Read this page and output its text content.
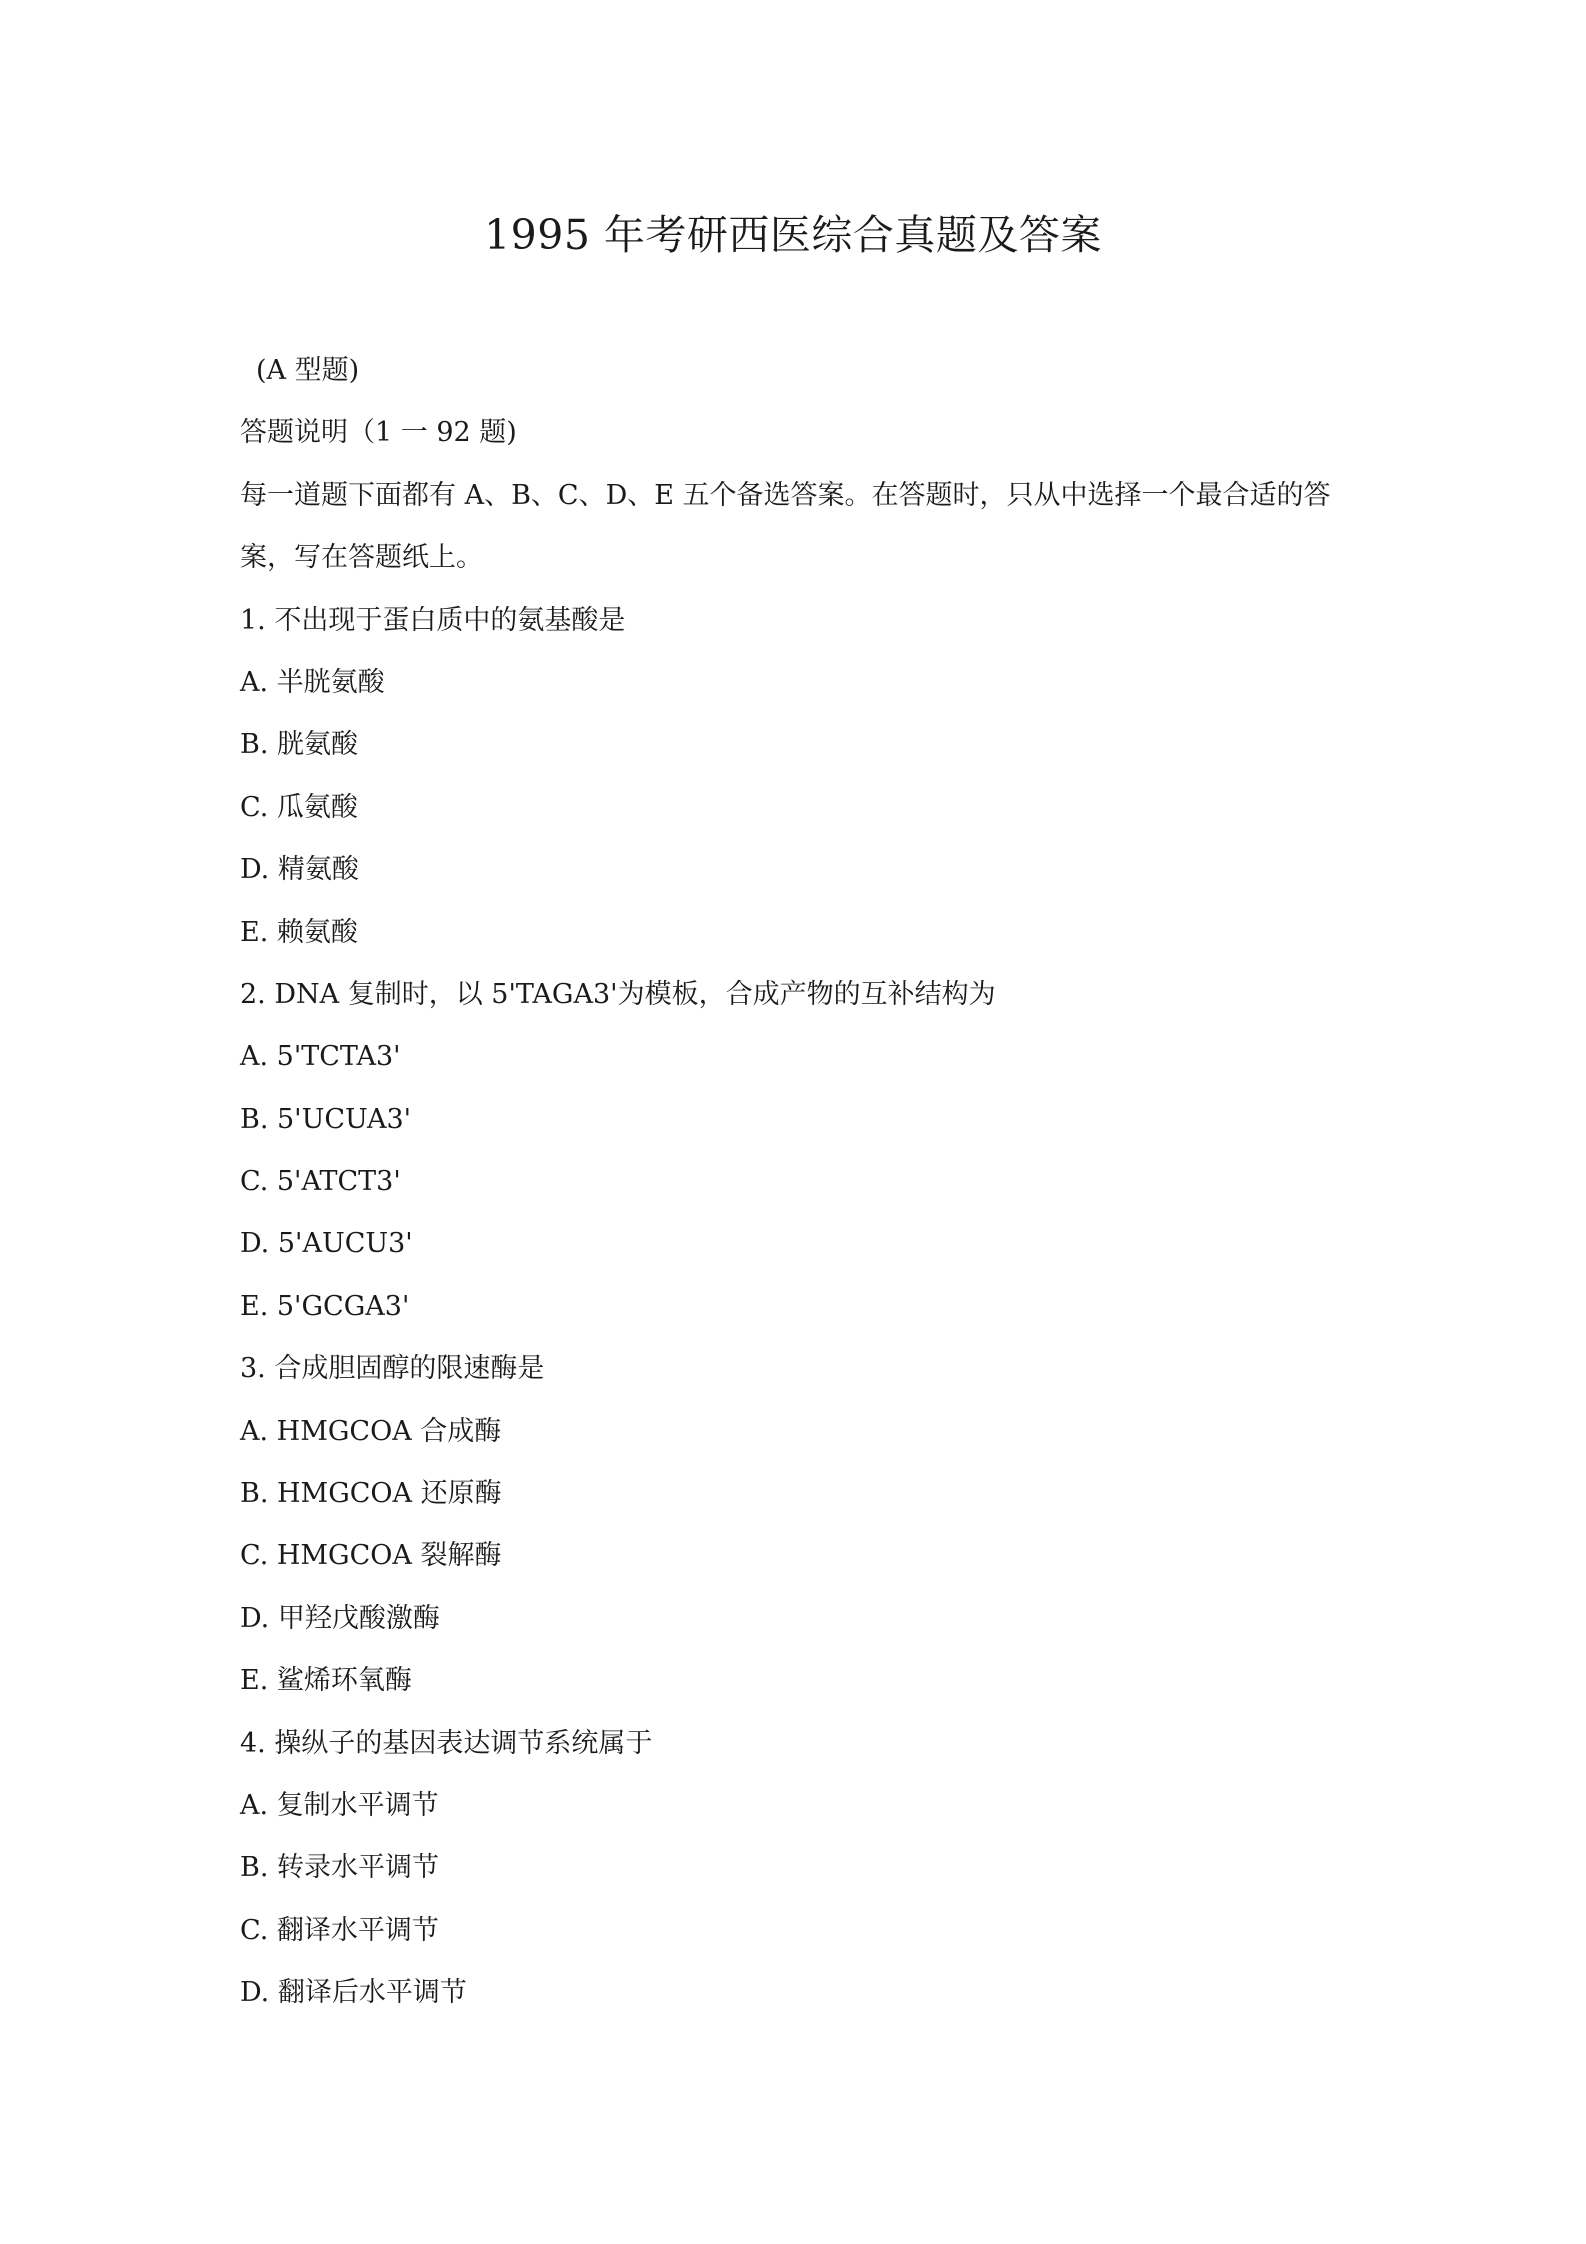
1995 年考研西医综合真题及答案

(A 型题)

答题说明（1 一 92 题)

每一道题下面都有 A、B、C、D、E 五个备选答案。在答题时，只从中选择一个最合适的答

案，写在答题纸上。

1. 不出现于蛋白质中的氨基酸是

A. 半胱氨酸

B. 胱氨酸

C. 瓜氨酸

D. 精氨酸

E. 赖氨酸

2. DNA 复制时，以 5'TAGA3'为模板，合成产物的互补结构为

A. 5'TCTA3'

B. 5'UCUA3'

C. 5'ATCT3'

D. 5'AUCU3'

E. 5'GCGA3'

3. 合成胆固醇的限速酶是

A. HMGCOA 合成酶

B. HMGCOA 还原酶

C. HMGCOA 裂解酶

D. 甲羟戊酸激酶

E. 鲨烯环氧酶

4. 操纵子的基因表达调节系统属于

A. 复制水平调节

B. 转录水平调节

C. 翻译水平调节

D. 翻译后水平调节
